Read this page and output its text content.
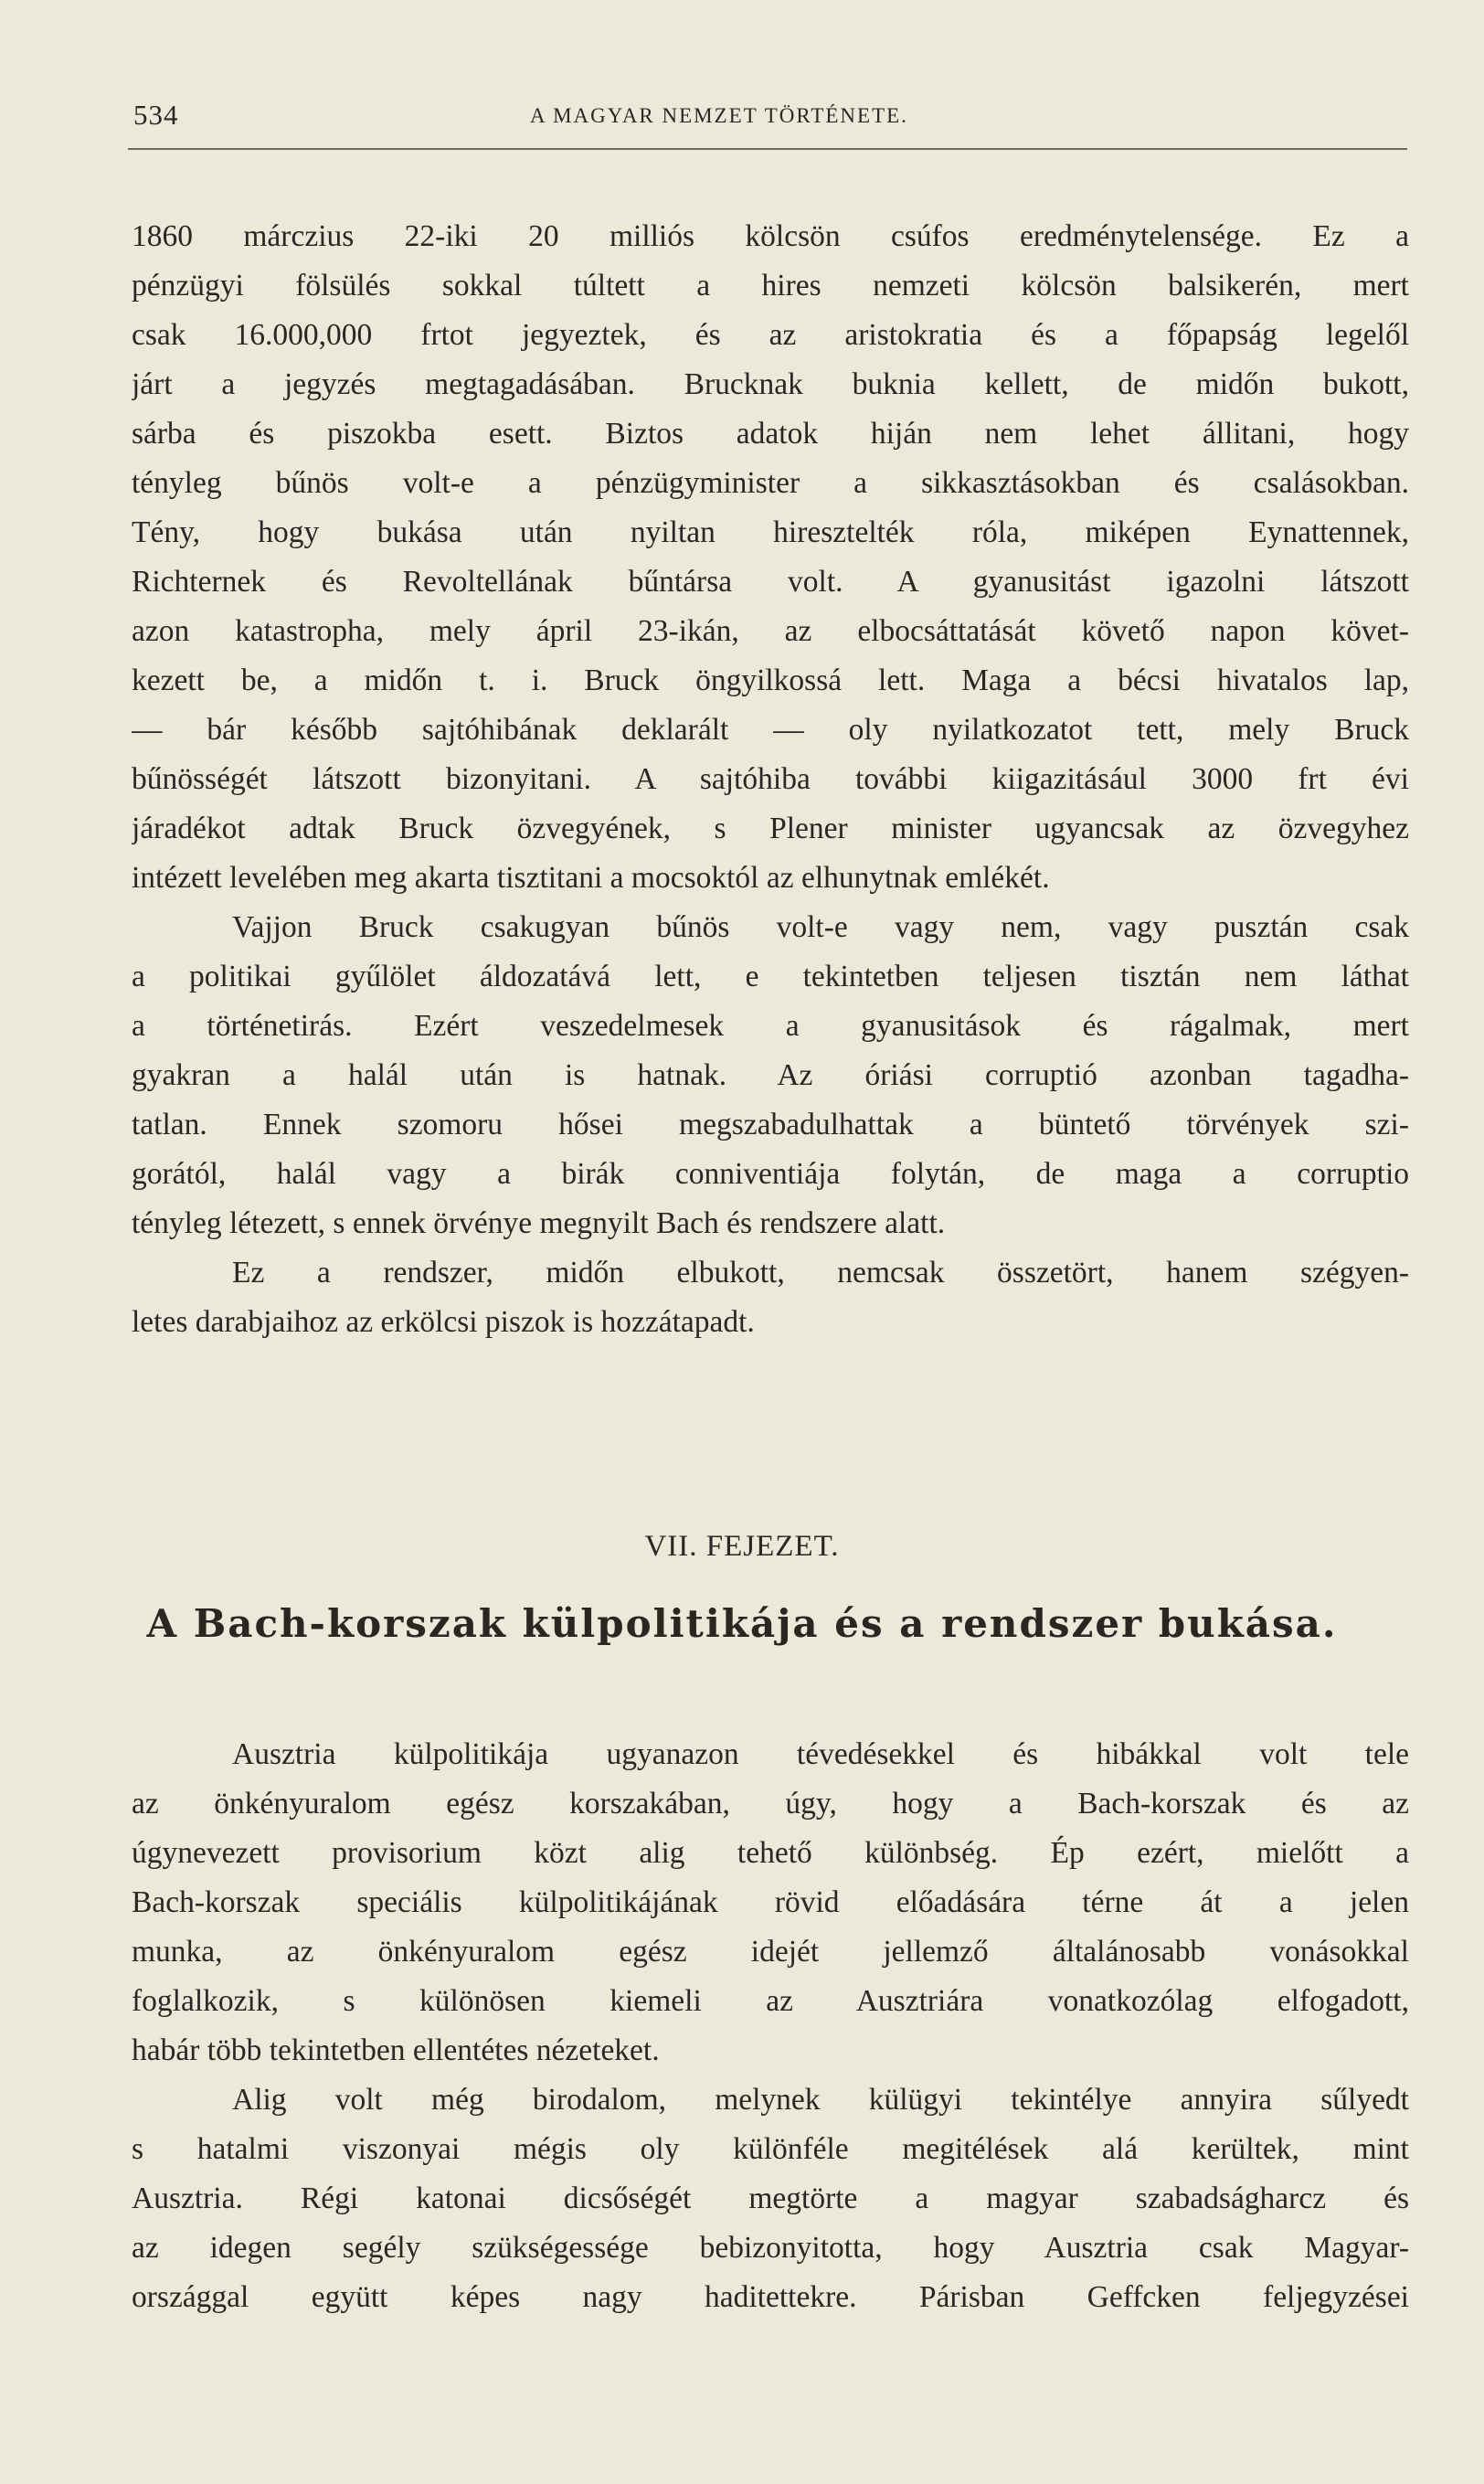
534	A MAGYAR NEMZET TÖRTÉNETE.
1860 márczius 22-iki 20 milliós kölcsön csúfos eredménytelensége. Ez a
pénzügyi fölsülés sokkal túltett a hires nemzeti kölcsön balsikerén, mert
csak 16.000,000 frtot jegyeztek, és az aristokratia és a főpapság legelől
járt a jegyzés megtagadásában. Brucknak buknia kellett, de midőn bukott,
sárba és piszokba esett. Biztos adatok hiján nem lehet állitani, hogy
tényleg bűnös volt-e a pénzügyminister a sikkasztásokban és csalásokban.
Tény, hogy bukása után nyiltan hiresztelték róla, miképen Eynattennek,
Richternek és Revoltellának bűntársa volt. A gyanusitást igazolni látszott
azon katastropha, mely ápril 23-ikán, az elbocsáttatását követő napon követ-
kezett be, a midőn t. i. Bruck öngyilkossá lett. Maga a bécsi hivatalos lap,
— bár később sajtóhibának deklarált — oly nyilatkozatot tett, mely Bruck
bűnösségét látszott bizonyitani. A sajtóhiba további kiigazitásául 3000 frt évi
járadékot adtak Bruck özvegyének, s Plener minister ugyancsak az özvegyhez
intézett levelében meg akarta tisztitani a mocsoktól az elhunytnak emlékét.
Vajjon Bruck csakugyan bűnös volt-e vagy nem, vagy pusztán csak
a politikai gyűlölet áldozatává lett, e tekintetben teljesen tisztán nem láthat
a történetirás. Ezért veszedelmesek a gyanusitások és rágalmak, mert
gyakran a halál után is hatnak. Az óriási corruptió azonban tagadha-
tatlan. Ennek szomoru hősei megszabadulhattak a büntető törvények szi-
gorától, halál vagy a birák conniventiája folytán, de maga a corruptio
tényleg létezett, s ennek örvénye megnyilt Bach és rendszere alatt.
Ez a rendszer, midőn elbukott, nemcsak összetört, hanem szégyen-
letes darabjaihoz az erkölcsi piszok is hozzátapadt.
VII. FEJEZET.
A Bach-korszak külpolitikája és a rendszer bukása.
Ausztria külpolitikája ugyanazon tévedésekkel és hibákkal volt tele
az önkényuralom egész korszakában, úgy, hogy a Bach-korszak és az
úgynevezett provisorium közt alig tehető különbség. Ép ezért, mielőtt a
Bach-korszak speciális külpolitikájának rövid előadására térne át a jelen
munka, az önkényuralom egész idejét jellemző általánosabb vonásokkal
foglalkozik, s különösen kiemeli az Ausztriára vonatkozólag elfogadott,
habár több tekintetben ellentétes nézeteket.
Alig volt még birodalom, melynek külügyi tekintélye annyira sűlyedt
s hatalmi viszonyai mégis oly különféle megitélések alá kerültek, mint
Ausztria. Régi katonai dicsőségét megtörte a magyar szabadságharcz és
az idegen segély szükségessége bebizonyitotta, hogy Ausztria csak Magyar-
országgal együtt képes nagy haditettekre. Párisban Geffcken feljegyzései
